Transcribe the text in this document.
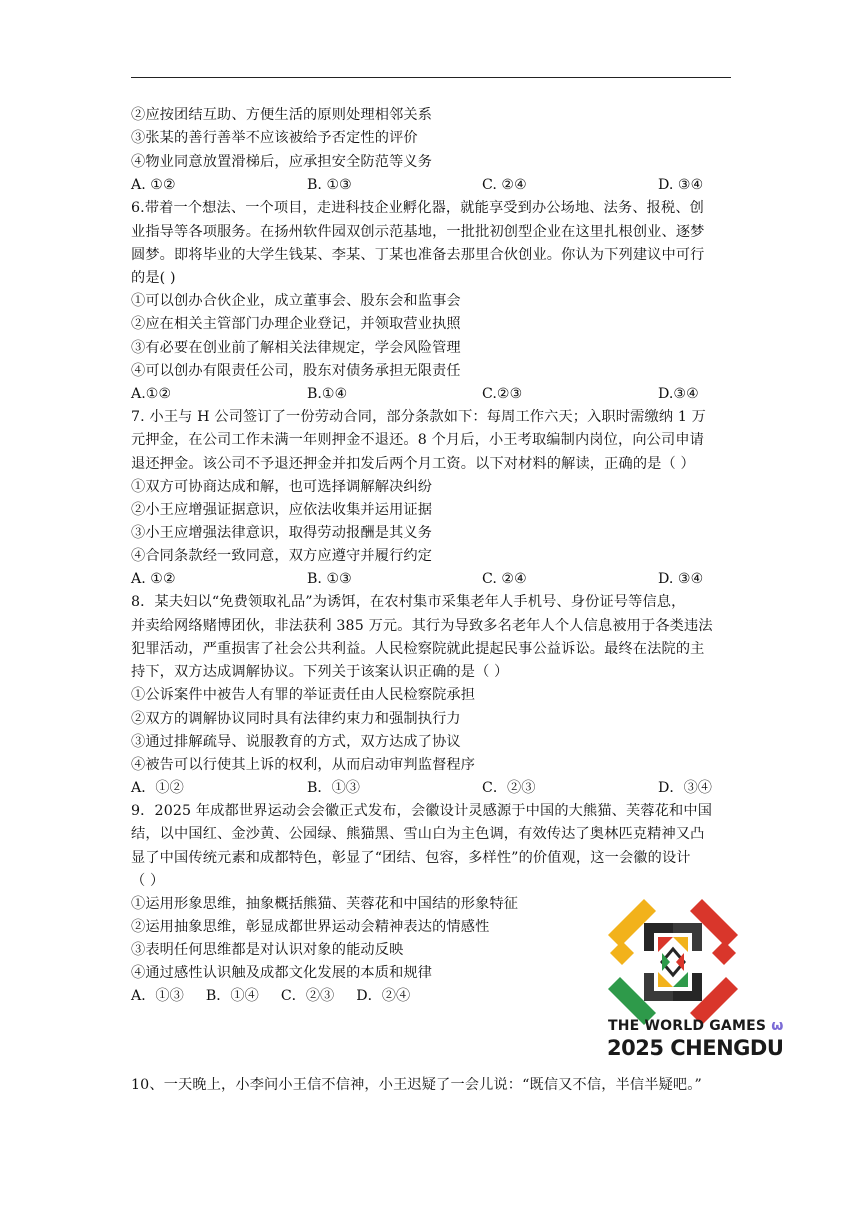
②应按团结互助、方便生活的原则处理相邻关系
③张某的善行善举不应该被给予否定性的评价
④物业同意放置滑梯后，应承担安全防范等义务
A. ①②	B. ①③	C. ②④	D. ③④
6.带着一个想法、一个项目，走进科技企业孵化器，就能享受到办公场地、法务、报税、创
业指导等各项服务。在扬州软件园双创示范基地，一批批初创型企业在这里扎根创业、逐梦
圆梦。即将毕业的大学生钱某、李某、丁某也准备去那里合伙创业。你认为下列建议中可行
的是( )
①可以创办合伙企业，成立董事会、股东会和监事会
②应在相关主管部门办理企业登记，并领取营业执照
③有必要在创业前了解相关法律规定，学会风险管理
④可以创办有限责任公司，股东对债务承担无限责任
A.①②	B.①④	C.②③	D.③④
7. 小王与 H 公司签订了一份劳动合同，部分条款如下：每周工作六天；入职时需缴纳 1 万
元押金，在公司工作未满一年则押金不退还。8 个月后，小王考取编制内岗位，向公司申请
退还押金。该公司不予退还押金并扣发后两个月工资。以下对材料的解读，正确的是（ ）
①双方可协商达成和解，也可选择调解解决纠纷
②小王应增强证据意识，应依法收集并运用证据
③小王应增强法律意识，取得劳动报酬是其义务
④合同条款经一致同意，双方应遵守并履行约定
A. ①②	B. ①③	C. ②④	D. ③④
8．某夫妇以“免费领取礼品”为诱饵，在农村集市采集老年人手机号、身份证号等信息，
并卖给网络赌博团伙，非法获利 385 万元。其行为导致多名老年人个人信息被用于各类违法
犯罪活动，严重损害了社会公共利益。人民检察院就此提起民事公益诉讼。最终在法院的主
持下，双方达成调解协议。下列关于该案认识正确的是（ ）
①公诉案件中被告人有罪的举证责任由人民检察院承担
②双方的调解协议同时具有法律约束力和强制执行力
③通过排解疏导、说服教育的方式，双方达成了协议
④被告可以行使其上诉的权利，从而启动审判监督程序
A．①②	B．①③	C．②③	D．③④
9．2025 年成都世界运动会会徽正式发布，会徽设计灵感源于中国的大熊猫、芙蓉花和中国
结，以中国红、金沙黄、公园绿、熊猫黑、雪山白为主色调，有效传达了奥林匹克精神又凸
显了中国传统元素和成都特色，彰显了“团结、包容，多样性”的价值观，这一会徽的设计
（ ）
①运用形象思维，抽象概括熊猫、芙蓉花和中国结的形象特征
②运用抽象思维，彰显成都世界运动会精神表达的情感性
③表明任何思维都是对认识对象的能动反映
④通过感性认识触及成都文化发展的本质和规律
A．①③ B．①④ C．②③ D．②④
THE WORLD GAMES ω
2025 CHENGDU
10、一天晚上，小李问小王信不信神，小王迟疑了一会儿说：“既信又不信，半信半疑吧。”
